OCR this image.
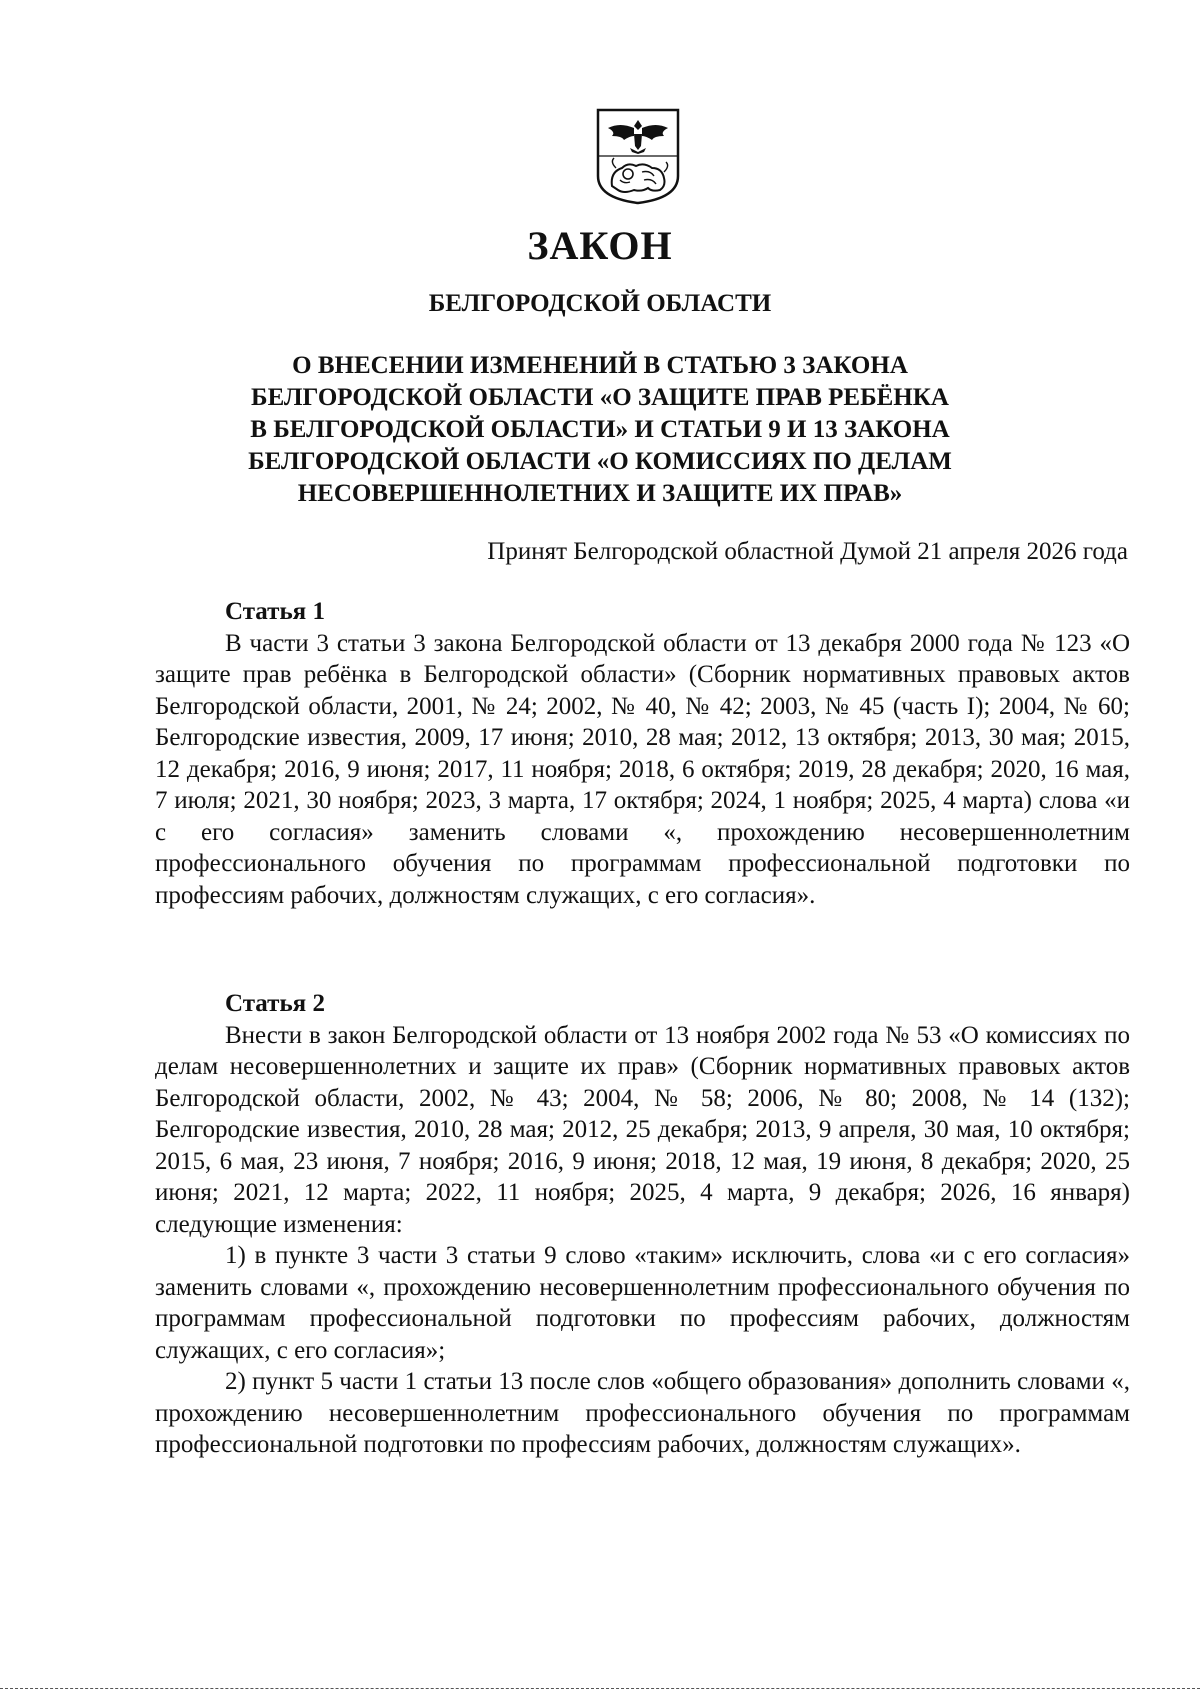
ЗАКОН
БЕЛГОРОДСКОЙ ОБЛАСТИ
О ВНЕСЕНИИ ИЗМЕНЕНИЙ В СТАТЬЮ 3 ЗАКОНА
БЕЛГОРОДСКОЙ ОБЛАСТИ «О ЗАЩИТЕ ПРАВ РЕБЁНКА
В БЕЛГОРОДСКОЙ ОБЛАСТИ» И СТАТЬИ 9 И 13 ЗАКОНА
БЕЛГОРОДСКОЙ ОБЛАСТИ «О КОМИССИЯХ ПО ДЕЛАМ
НЕСОВЕРШЕННОЛЕТНИХ И ЗАЩИТЕ ИХ ПРАВ»

Принят Белгородской областной Думой 21 апреля 2026 года

Статья 1

В части 3 статьи 3 закона Белгородской области от 13 декабря 2000 года № 123 «О защите прав ребёнка в Белгородской области» (Сборник нормативных правовых актов Белгородской области, 2001, № 24; 2002, № 40, № 42; 2003, № 45 (часть I); 2004, № 60; Белгородские известия, 2009, 17 июня; 2010, 28 мая; 2012, 13 октября; 2013, 30 мая; 2015, 12 декабря; 2016, 9 июня; 2017, 11 ноября; 2018, 6 октября; 2019, 28 декабря; 2020, 16 мая, 7 июля; 2021, 30 ноября; 2023, 3 марта, 17 октября; 2024, 1 ноября; 2025, 4 марта) слова «и с его согласия» заменить словами «, прохождению несовершеннолетним профессионального обучения по программам профессиональной подготовки по профессиям рабочих, должностям служащих, с его согласия».

Статья 2

Внести в закон Белгородской области от 13 ноября 2002 года № 53 «О комиссиях по делам несовершеннолетних и защите их прав» (Сборник нормативных правовых актов Белгородской области, 2002, № 43; 2004, № 58; 2006, № 80; 2008, № 14 (132); Белгородские известия, 2010, 28 мая; 2012, 25 декабря; 2013, 9 апреля, 30 мая, 10 октября; 2015, 6 мая, 23 июня, 7 ноября; 2016, 9 июня; 2018, 12 мая, 19 июня, 8 декабря; 2020, 25 июня; 2021, 12 марта; 2022, 11 ноября; 2025, 4 марта, 9 декабря; 2026, 16 января) следующие изменения:

1) в пункте 3 части 3 статьи 9 слово «таким» исключить, слова «и с его согласия» заменить словами «, прохождению несовершеннолетним профессионального обучения по программам профессиональной подготовки по профессиям рабочих, должностям служащих, с его согласия»;

2) пункт 5 части 1 статьи 13 после слов «общего образования» дополнить словами «, прохождению несовершеннолетним профессионального обучения по программам профессиональной подготовки по профессиям рабочих, должностям служащих».
